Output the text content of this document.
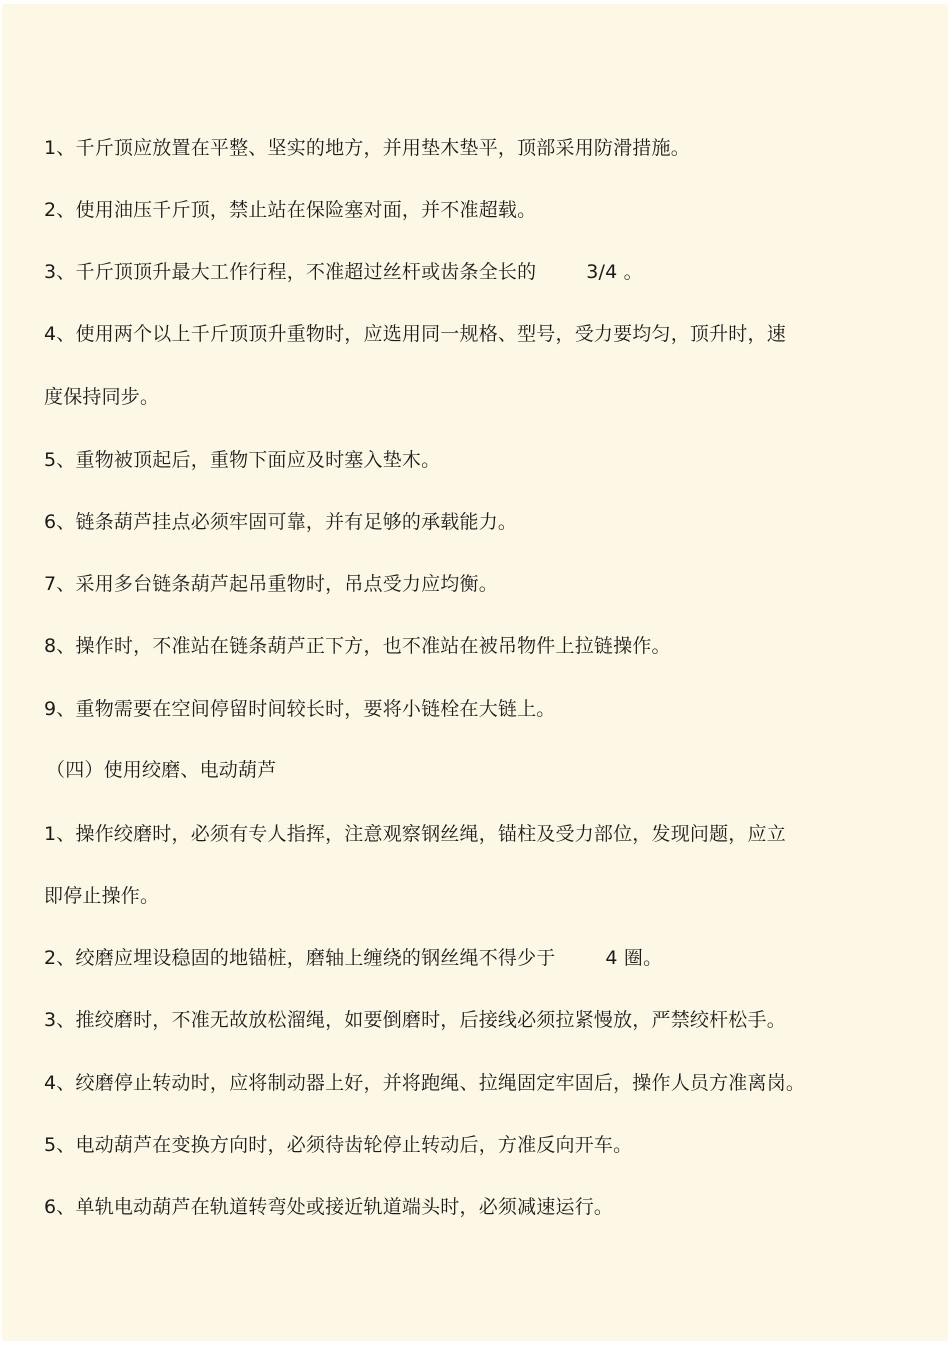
1、千斤顶应放置在平整、坚实的地方，并用垫木垫平，顶部采用防滑措施。
2、使用油压千斤顶，禁止站在保险塞对面，并不准超载。
3、千斤顶顶升最大工作行程，不准超过丝杆或齿条全长的        3/4 。
4、使用两个以上千斤顶顶升重物时，应选用同一规格、型号，受力要均匀，顶升时，速
度保持同步。
5、重物被顶起后，重物下面应及时塞入垫木。
6、链条葫芦挂点必须牢固可靠，并有足够的承载能力。
7、采用多台链条葫芦起吊重物时，吊点受力应均衡。
8、操作时，不准站在链条葫芦正下方，也不准站在被吊物件上拉链操作。
9、重物需要在空间停留时间较长时，要将小链栓在大链上。
（四）使用绞磨、电动葫芦
1、操作绞磨时，必须有专人指挥，注意观察钢丝绳，锚柱及受力部位，发现问题，应立
即停止操作。
2、绞磨应埋设稳固的地锚桩，磨轴上缠绕的钢丝绳不得少于        4 圈。
3、推绞磨时，不准无故放松溜绳，如要倒磨时，后接线必须拉紧慢放，严禁绞杆松手。
4、绞磨停止转动时，应将制动器上好，并将跑绳、拉绳固定牢固后，操作人员方准离岗。
5、电动葫芦在变换方向时，必须待齿轮停止转动后，方准反向开车。
6、单轨电动葫芦在轨道转弯处或接近轨道端头时，必须减速运行。
